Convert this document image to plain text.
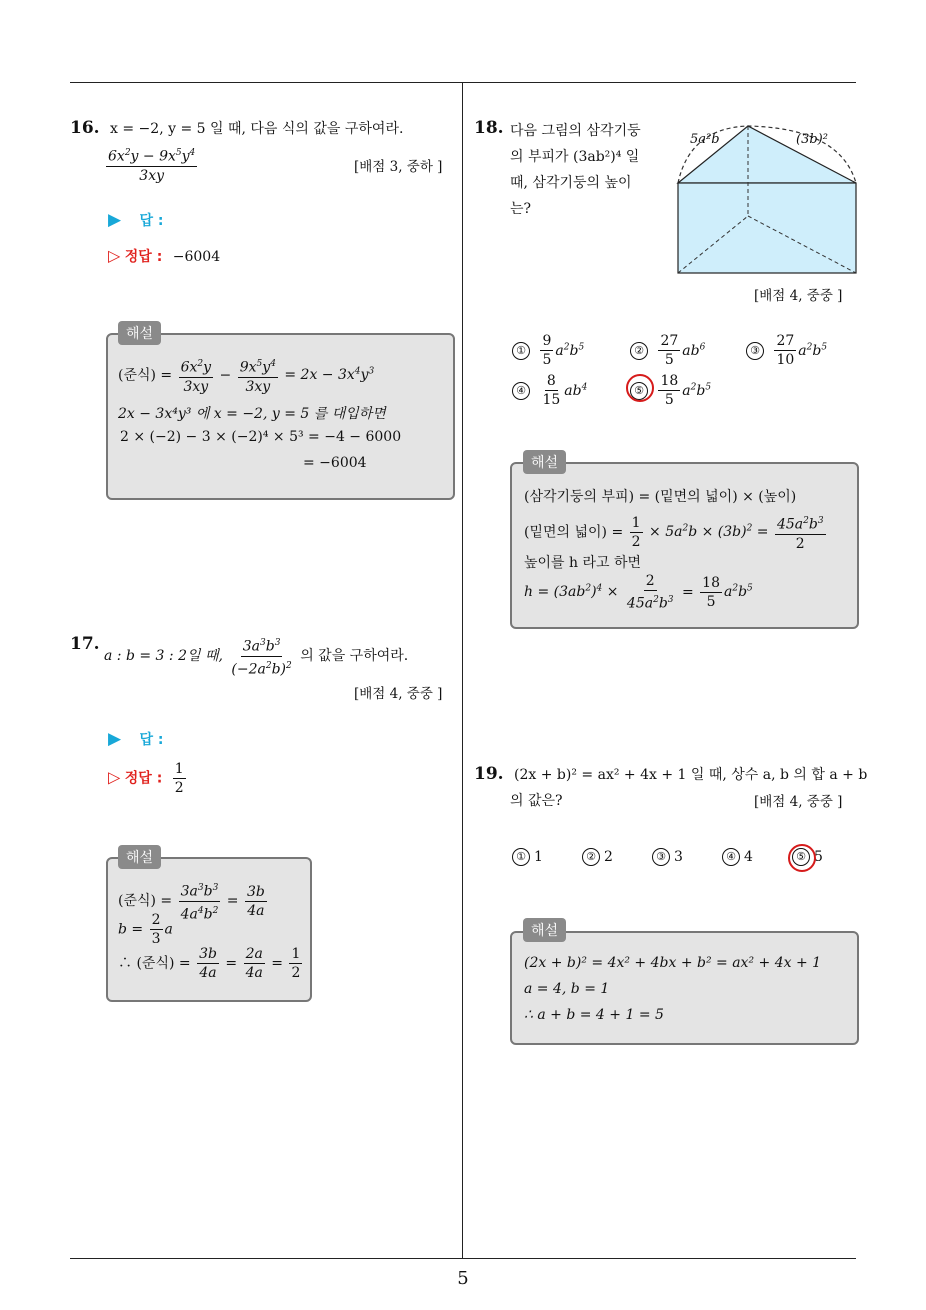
5
16. x = −2, y = 5 일 때, 다음 식의 값을 구하여라.
$\frac{6x^2y - 9x^5y^4}{3xy}$	[배점 3, 중하 ]
▶ 답 :
▷ 정답 : −6004
(준식) = $\frac{6x^2y}{3xy} - \frac{9x^5y^4}{3xy} = 2x - 3x^4y^3$
2x − 3x⁴y³ 에 x = −2, y = 5 를 대입하면
2 × (−2) − 3 × (−2)⁴ × 5³ = −4 − 6000
= −6004
해설
17.
a : b = 3 : 2일 때, $\frac{3a^3b^3}{(-2a^2b)^2}$ 의 값을 구하여라.
[배점 4, 중중 ]
▶ 답 :
▷ 정답 : $\frac{1}{2}$
(준식) = $\frac{3a^3b^3}{4a^4b^2} = \frac{3b}{4a}$
$b = \frac{2}{3}$ a
∴ (준식) = $\frac{3b}{4a} = \frac{2a}{4a} = \frac{1}{2}$
해설
18. 다음 그림의 삼각기둥
의 부피가 (3ab²)⁴ 일
때, 삼각기둥의 높이
는?
5a²b	(3b)²
[배점 4, 중중 ]
① $\frac{9}{5} a^2b^5$	② $\frac{27}{5} ab^6$	③ $\frac{27}{10} a^2b^5$
④ $\frac{8}{15} ab^4$	⑤ $\frac{18}{5} a^2b^5$
(삼각기둥의 부피) = (밑면의 넓이) × (높이)
(밑면의 넓이) = $\frac{1}{2} \times 5a^2b \times (3b)^2 = \frac{45a^2b^3}{2}$
높이를 h 라고 하면
$h = (3ab^2)^4 \times \frac{2}{45a^2b^3} = \frac{18}{5} a^2b^5$
해설
19. (2x + b)² = ax² + 4x + 1 일 때, 상수 a, b 의 합 a + b
의 값은?	[배점 4, 중중 ]
① 1	② 2	③ 3	④ 4	⑤ 5
(2x + b)² = 4x² + 4bx + b² = ax² + 4x + 1
a = 4, b = 1
∴ a + b = 4 + 1 = 5
해설
